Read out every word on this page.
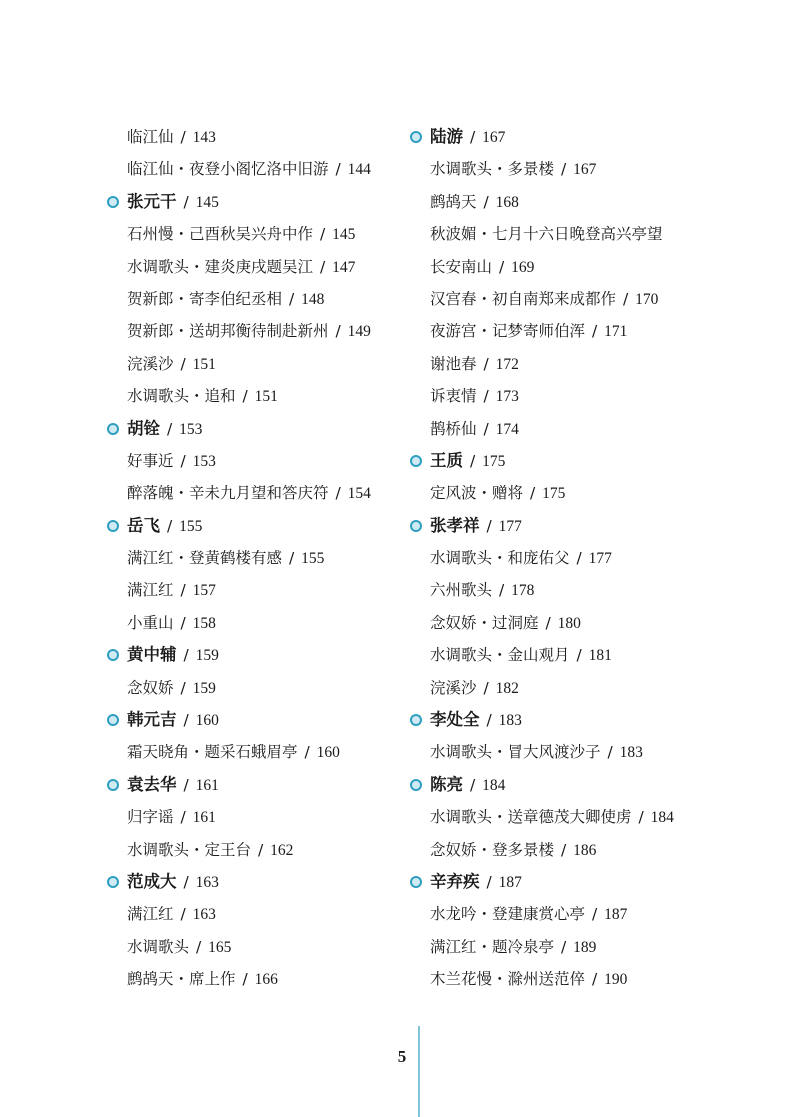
临江仙 / 143
临江仙・夜登小阁忆洛中旧游 / 144
张元干 / 145
石州慢・己酉秋吴兴舟中作 / 145
水调歌头・建炎庚戌题吴江 / 147
贺新郎・寄李伯纪丞相 / 148
贺新郎・送胡邦衡待制赴新州 / 149
浣溪沙 / 151
水调歌头・追和 / 151
胡铨 / 153
好事近 / 153
醉落魄・辛未九月望和答庆符 / 154
岳飞 / 155
满江红・登黄鹤楼有感 / 155
满江红 / 157
小重山 / 158
黄中辅 / 159
念奴娇 / 159
韩元吉 / 160
霜天晓角・题采石蛾眉亭 / 160
袁去华 / 161
归字谣 / 161
水调歌头・定王台 / 162
范成大 / 163
满江红 / 163
水调歌头 / 165
鹧鸪天・席上作 / 166
陆游 / 167
水调歌头・多景楼 / 167
鹧鸪天 / 168
秋波媚・七月十六日晚登高兴亭望
长安南山 / 169
汉宫春・初自南郑来成都作 / 170
夜游宫・记梦寄师伯浑 / 171
谢池春 / 172
诉衷情 / 173
鹊桥仙 / 174
王质 / 175
定风波・赠将 / 175
张孝祥 / 177
水调歌头・和庞佑父 / 177
六州歌头 / 178
念奴娇・过洞庭 / 180
水调歌头・金山观月 / 181
浣溪沙 / 182
李处全 / 183
水调歌头・冒大风渡沙子 / 183
陈亮 / 184
水调歌头・送章德茂大卿使虏 / 184
念奴娇・登多景楼 / 186
辛弃疾 / 187
水龙吟・登建康赏心亭 / 187
满江红・题冷泉亭 / 189
木兰花慢・滁州送范倅 / 190
5
